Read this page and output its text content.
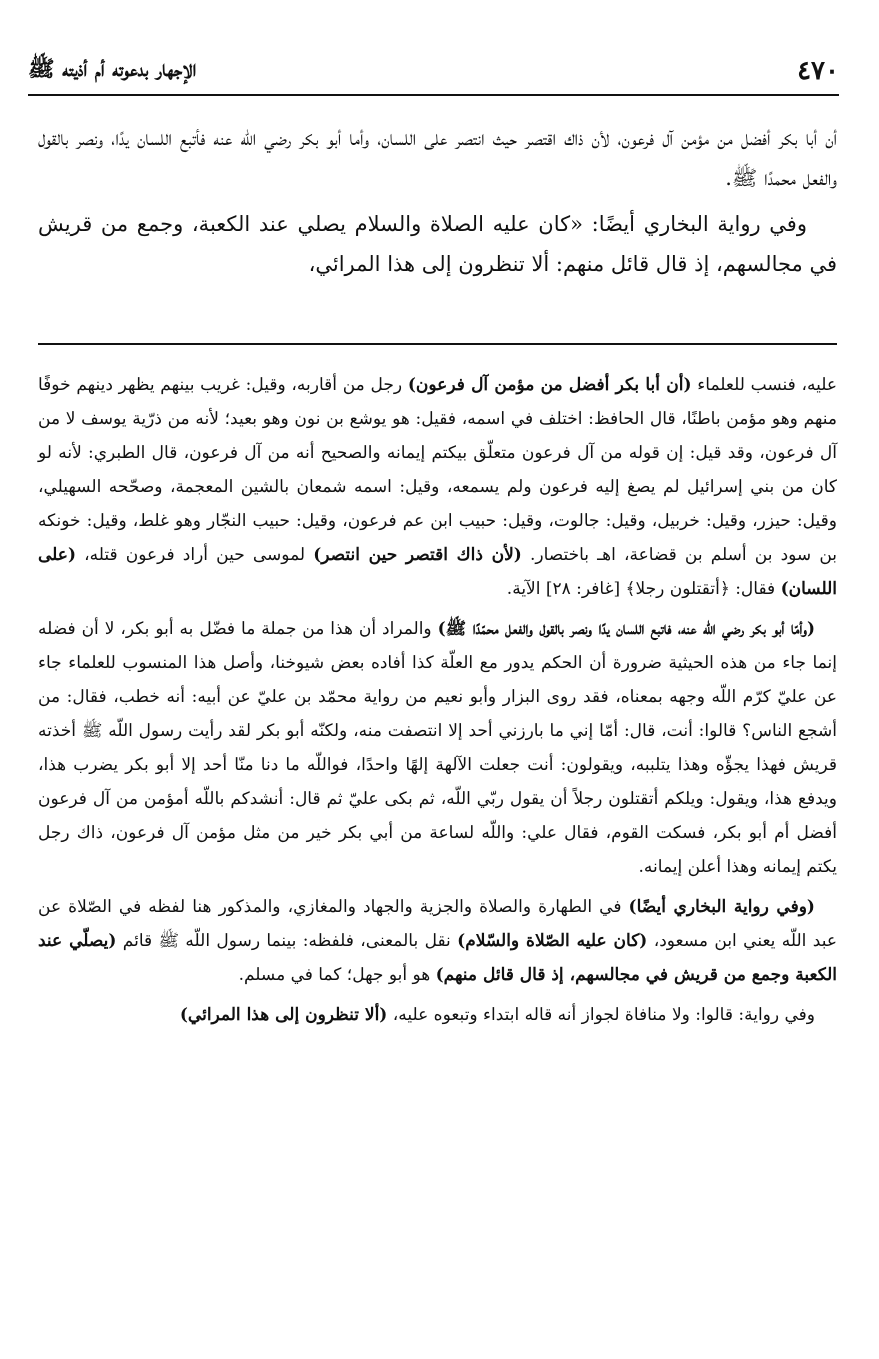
٤٧٠
الإجهار بدعوته أم أذيته ﷺ

أن أبا بكر أفضل من مؤمن آل فرعون، لأن ذاك اقتصر حيث انتصر على اللسان، وأما أبو بكر رضي الله عنه فأتبع اللسان يدًا، ونصر بالقول والفعل محمدًا ﷺ.

وفي رواية البخاري أيضًا: «كان عليه الصلاة والسلام يصلي عند الكعبة، وجمع من قريش في مجالسهم، إذ قال قائل منهم: ألا تنظرون إلى هذا المرائي،

عليه، فنسب للعلماء (أن أبا بكر أفضل من مؤمن آل فرعون) رجل من أقاربه، وقيل: غريب بينهم يظهر دينهم خوفًا منهم وهو مؤمن باطنًا، قال الحافظ: اختلف في اسمه، فقيل: هو يوشع بن نون وهو بعيد؛ لأنه من ذرّية يوسف لا من آل فرعون، وقد قيل: إن قوله من آل فرعون متعلّق بيكتم إيمانه والصحيح أنه من آل فرعون، قال الطبري: لأنه لو كان من بني إسرائيل لم يصغ إليه فرعون ولم يسمعه، وقيل: اسمه شمعان بالشين المعجمة، وصحّحه السهيلي، وقيل: حيزر، وقيل: خربيل، وقيل: جالوت، وقيل: حبيب ابن عم فرعون، وقيل: حبيب النجّار وهو غلط، وقيل: خونكه بن سود بن أسلم بن قضاعة، اهـ باختصار. (لأن ذاك اقتصر حين انتصر) لموسى حين أراد فرعون قتله، (على اللسان) فقال: ﴿أتقتلون رجلا﴾ [غافر: ٢٨] الآية.

(وأمّا أبو بكر رضي اللّه عنه، فاتبع اللسان يدًا ونصر بالقول والفعل محمّدًا ﷺ) والمراد أن هذا من جملة ما فضّل به أبو بكر، لا أن فضله إنما جاء من هذه الحيثية ضرورة أن الحكم يدور مع العلّة كذا أفاده بعض شيوخنا، وأصل هذا المنسوب للعلماء جاء عن عليّ كرّم اللّه وجهه بمعناه، فقد روى البزار وأبو نعيم من رواية محمّد بن عليّ عن أبيه: أنه خطب، فقال: من أشجع الناس؟ قالوا: أنت، قال: أمّا إني ما بارزني أحد إلا انتصفت منه، ولكنّه أبو بكر لقد رأيت رسول اللّه ﷺ أخذته قريش فهذا يجؤّه وهذا يتلببه، ويقولون: أنت جعلت الآلهة إلهًا واحدًا، فواللّه ما دنا منّا أحد إلا أبو بكر يضرب هذا، ويدفع هذا، ويقول: ويلكم أتقتلون رجلاً أن يقول ربّي اللّه، ثم بكى عليّ ثم قال: أنشدكم باللّه أمؤمن من آل فرعون أفضل أم أبو بكر، فسكت القوم، فقال علي: واللّه لساعة من أبي بكر خير من مثل مؤمن آل فرعون، ذاك رجل يكتم إيمانه وهذا أعلن إيمانه.

(وفي رواية البخاري أيضًا) في الطهارة والصلاة والجزية والجهاد والمغازي، والمذكور هنا لفظه في الصّلاة عن عبد اللّه يعني ابن مسعود، (كان عليه الصّلاة والسّلام) نقل بالمعنى، فلفظه: بينما رسول اللّه ﷺ قائم (يصلّي عند الكعبة وجمع من قريش في مجالسهم، إذ قال قائل منهم) هو أبو جهل؛ كما في مسلم.

وفي رواية: قالوا: ولا منافاة لجواز أنه قاله ابتداء وتبعوه عليه، (ألا تنظرون إلى هذا المرائي)
